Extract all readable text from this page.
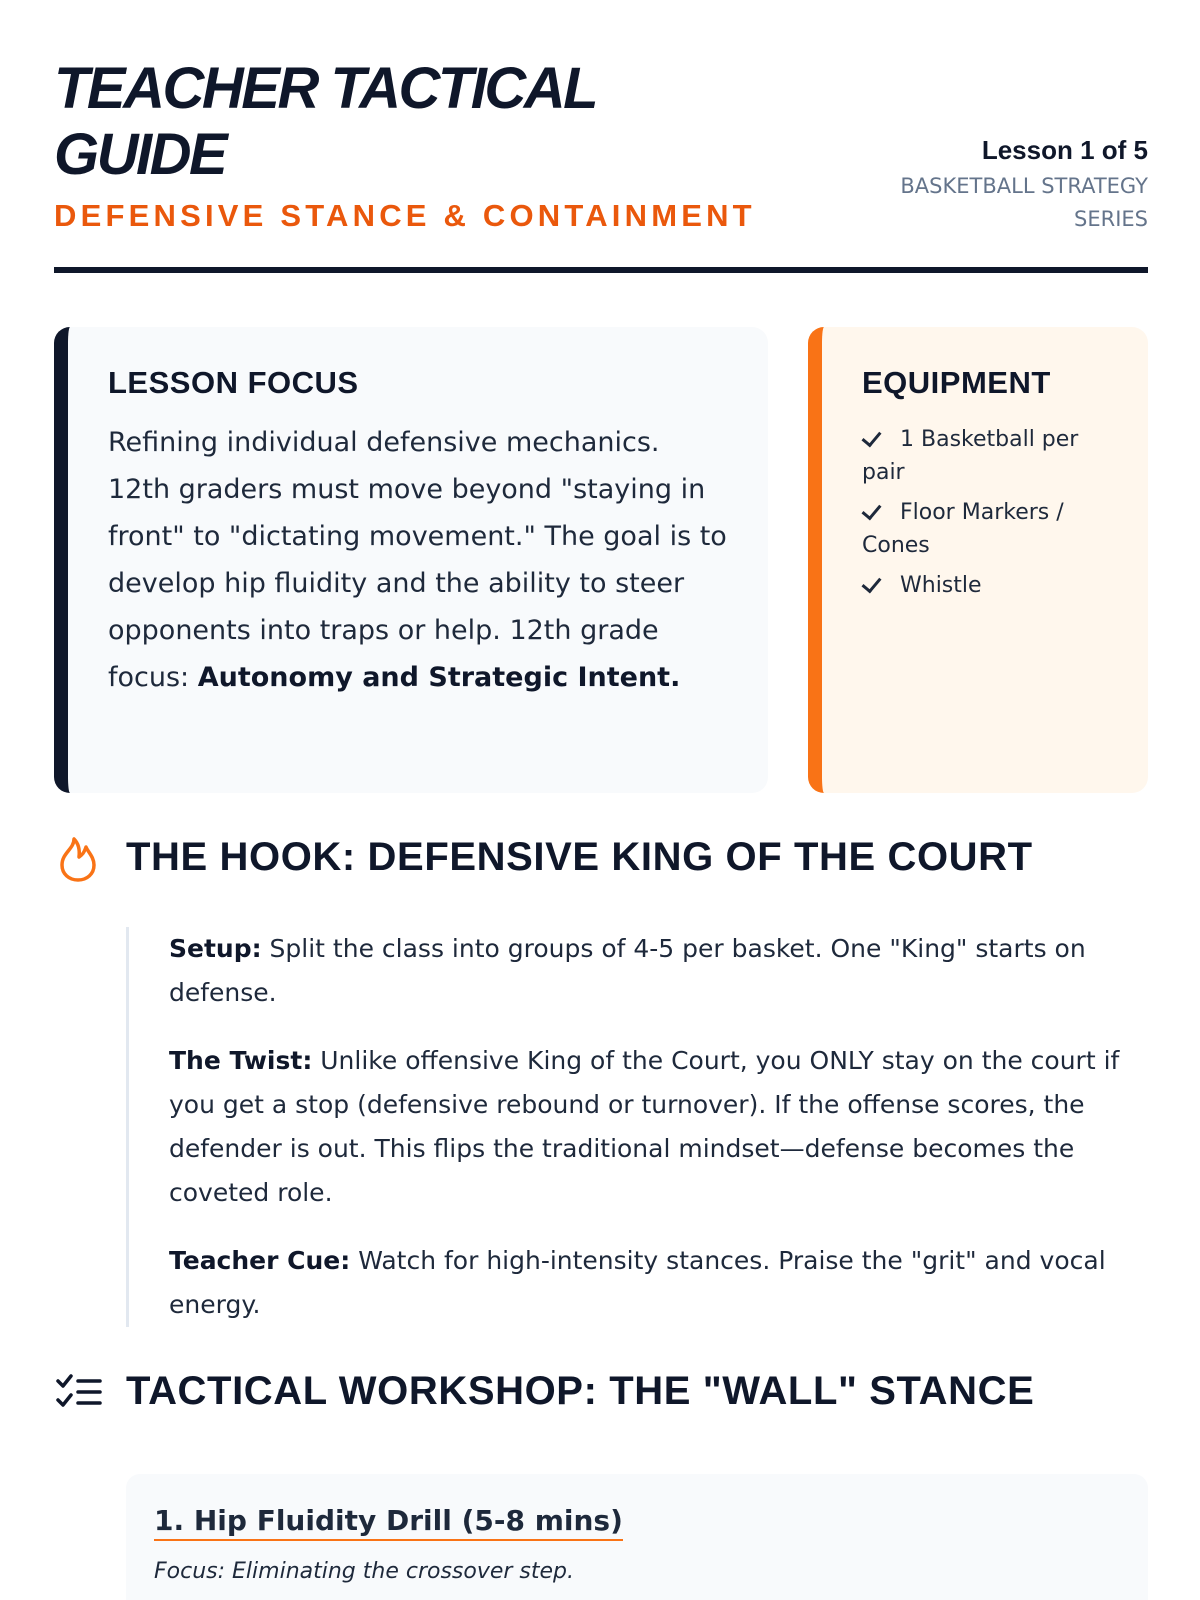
TEACHER TACTICAL GUIDE
DEFENSIVE STANCE & CONTAINMENT
Lesson 1 of 5
BASKETBALL STRATEGY SERIES
LESSON FOCUS
Refining individual defensive mechanics. 12th graders must move beyond "staying in front" to "dictating movement." The goal is to develop hip fluidity and the ability to steer opponents into traps or help. 12th grade focus: Autonomy and Strategic Intent.
EQUIPMENT
1 Basketball per pair
Floor Markers / Cones
Whistle
THE HOOK: DEFENSIVE KING OF THE COURT

Setup: Split the class into groups of 4-5 per basket. One "King" starts on defense.

The Twist: Unlike offensive King of the Court, you ONLY stay on the court if you get a stop (defensive rebound or turnover). If the offense scores, the defender is out. This flips the traditional mindset—defense becomes the coveted role.

Teacher Cue: Watch for high-intensity stances. Praise the "grit" and vocal energy.

TACTICAL WORKSHOP: THE "WALL" STANCE
1. Hip Fluidity Drill (5-8 mins)
Focus: Eliminating the crossover step.
